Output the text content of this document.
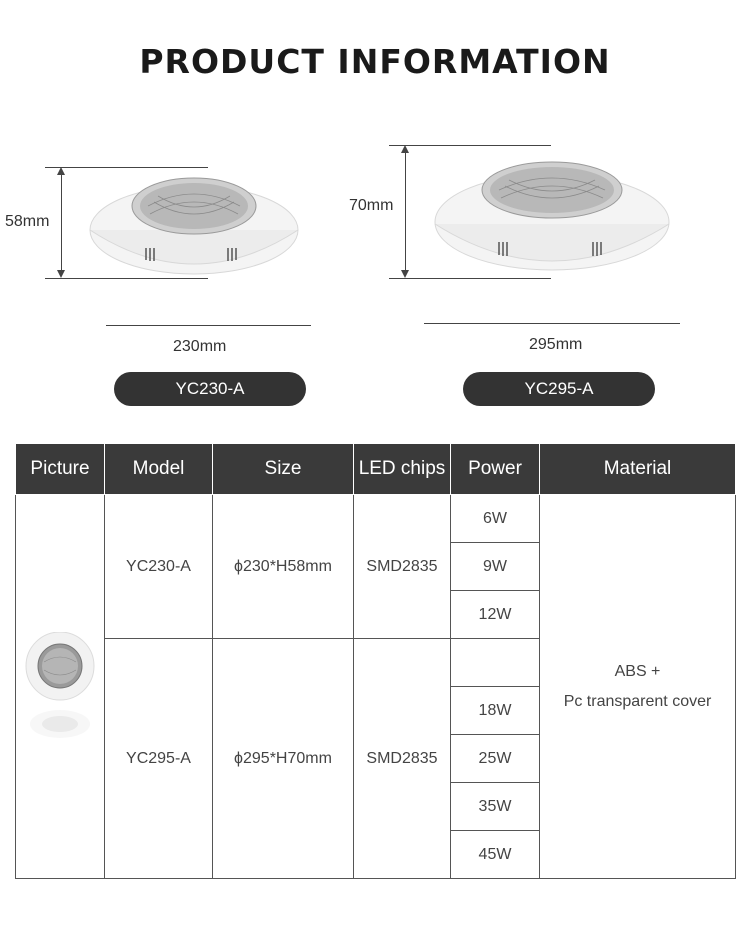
PRODUCT INFORMATION
58mm
230mm
YC230-A
70mm
295mm
YC295-A
Picture	Model	Size	LED chips	Power	Material

	YC230-A	ϕ230*H58mm	SMD2835	6W	ABS +
Pc transparent cover

				9W	
				12W	
	YC295-A	ϕ295*H70mm	SMD2835		
				18W	
				25W	
				35W	
				45W	
